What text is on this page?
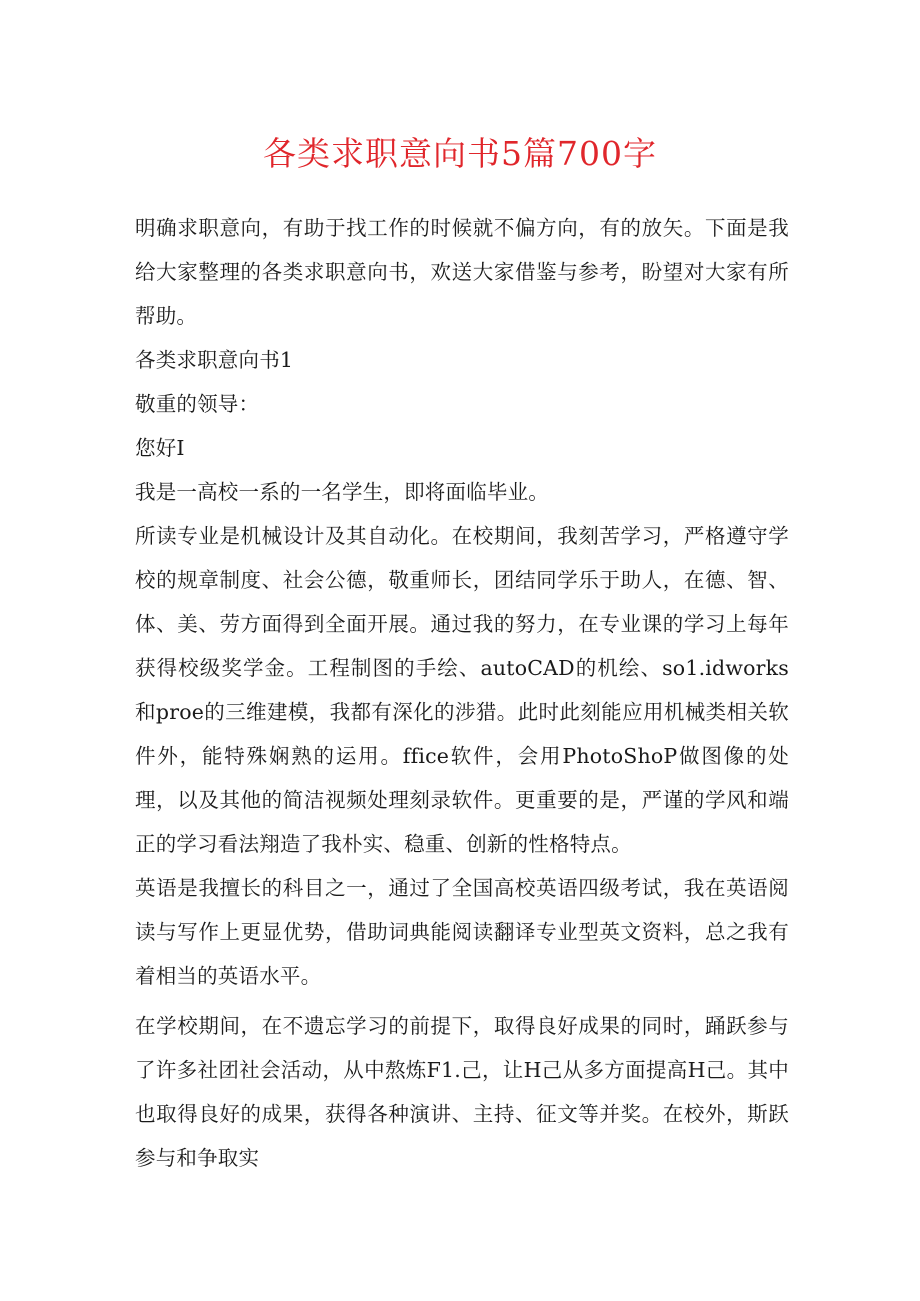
各类求职意向书5篇700字

明确求职意向，有助于找工作的时候就不偏方向，有的放矢。下面是我给大家整理的各类求职意向书，欢送大家借鉴与参考，盼望对大家有所帮助。

各类求职意向书1

敬重的领导：

您好I

我是一高校一系的一名学生，即将面临毕业。

所读专业是机械设计及其自动化。在校期间，我刻苦学习，严格遵守学校的规章制度、社会公德，敬重师长，团结同学乐于助人，在德、智、体、美、劳方面得到全面开展。通过我的努力，在专业课的学习上每年获得校级奖学金。工程制图的手绘、autoCAD的机绘、so1.idworks和proe的三维建模，我都有深化的涉猎。此时此刻能应用机械类相关软件外，能特殊娴熟的运用。ffice软件，会用PhotoShoP做图像的处理，以及其他的简洁视频处理刻录软件。更重要的是，严谨的学风和端正的学习看法翔造了我朴实、稳重、创新的性格特点。

英语是我擅长的科目之一，通过了全国高校英语四级考试，我在英语阅读与写作上更显优势，借助词典能阅读翻译专业型英文资料，总之我有着相当的英语水平。

在学校期间，在不遗忘学习的前提下，取得良好成果的同时，踊跃参与了许多社团社会活动，从中熬炼F1.己，让H己从多方面提高H己。其中也取得良好的成果，获得各种演讲、主持、征文等并奖。在校外，斯跃参与和争取实
